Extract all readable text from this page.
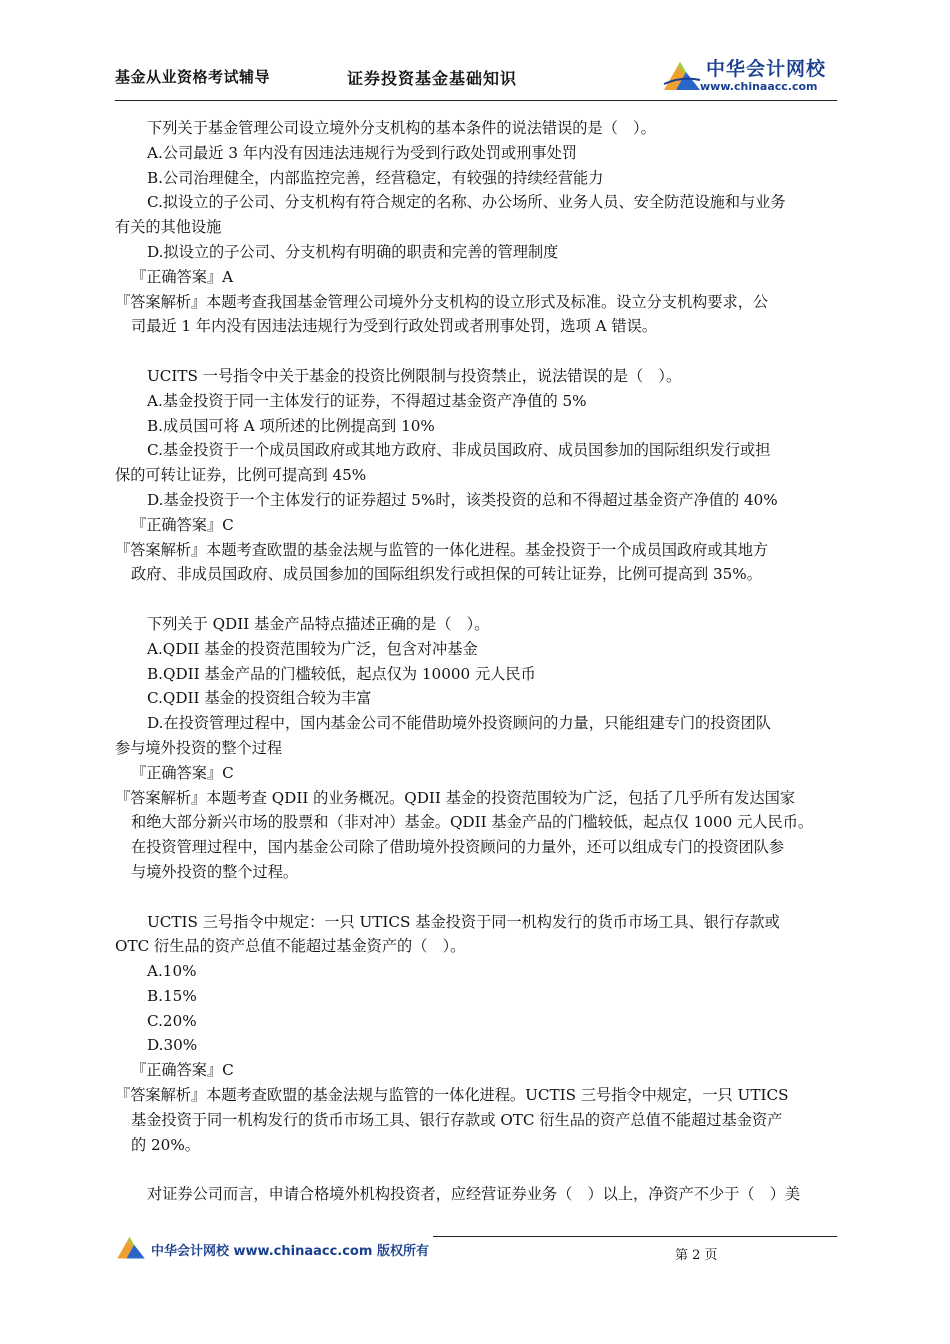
基金从业资格考试辅导	证券投资基金基础知识	中华会计网校
www.chinaacc.com
下列关于基金管理公司设立境外分支机构的基本条件的说法错误的是（　）。
A.公司最近 3 年内没有因违法违规行为受到行政处罚或刑事处罚
B.公司治理健全，内部监控完善，经营稳定，有较强的持续经营能力
C.拟设立的子公司、分支机构有符合规定的名称、办公场所、业务人员、安全防范设施和与业务
有关的其他设施
D.拟设立的子公司、分支机构有明确的职责和完善的管理制度
『正确答案』A
『答案解析』本题考查我国基金管理公司境外分支机构的设立形式及标准。设立分支机构要求，公
司最近 1 年内没有因违法违规行为受到行政处罚或者刑事处罚，选项 A 错误。
UCITS 一号指令中关于基金的投资比例限制与投资禁止，说法错误的是（　）。
A.基金投资于同一主体发行的证券，不得超过基金资产净值的 5%
B.成员国可将 A 项所述的比例提高到 10%
C.基金投资于一个成员国政府或其地方政府、非成员国政府、成员国参加的国际组织发行或担
保的可转让证券，比例可提高到 45%
D.基金投资于一个主体发行的证券超过 5%时，该类投资的总和不得超过基金资产净值的 40%
『正确答案』C
『答案解析』本题考查欧盟的基金法规与监管的一体化进程。基金投资于一个成员国政府或其地方
政府、非成员国政府、成员国参加的国际组织发行或担保的可转让证券，比例可提高到 35%。
下列关于 QDII 基金产品特点描述正确的是（　）。
A.QDII 基金的投资范围较为广泛，包含对冲基金
B.QDII 基金产品的门槛较低，起点仅为 10000 元人民币
C.QDII 基金的投资组合较为丰富
D.在投资管理过程中，国内基金公司不能借助境外投资顾问的力量，只能组建专门的投资团队
参与境外投资的整个过程
『正确答案』C
『答案解析』本题考查 QDII 的业务概况。QDII 基金的投资范围较为广泛，包括了几乎所有发达国家
和绝大部分新兴市场的股票和（非对冲）基金。QDII 基金产品的门槛较低，起点仅 1000 元人民币。
在投资管理过程中，国内基金公司除了借助境外投资顾问的力量外，还可以组成专门的投资团队参
与境外投资的整个过程。
UCTIS 三号指令中规定：一只 UTICS 基金投资于同一机构发行的货币市场工具、银行存款或
OTC 衍生品的资产总值不能超过基金资产的（　）。
A.10%
B.15%
C.20%
D.30%
『正确答案』C
『答案解析』本题考查欧盟的基金法规与监管的一体化进程。UCTIS 三号指令中规定，一只 UTICS
基金投资于同一机构发行的货币市场工具、银行存款或 OTC 衍生品的资产总值不能超过基金资产
的 20%。
对证券公司而言，申请合格境外机构投资者，应经营证券业务（　）以上，净资产不少于（　）美
中华会计网校 www.chinaacc.com 版权所有	第 2 页
